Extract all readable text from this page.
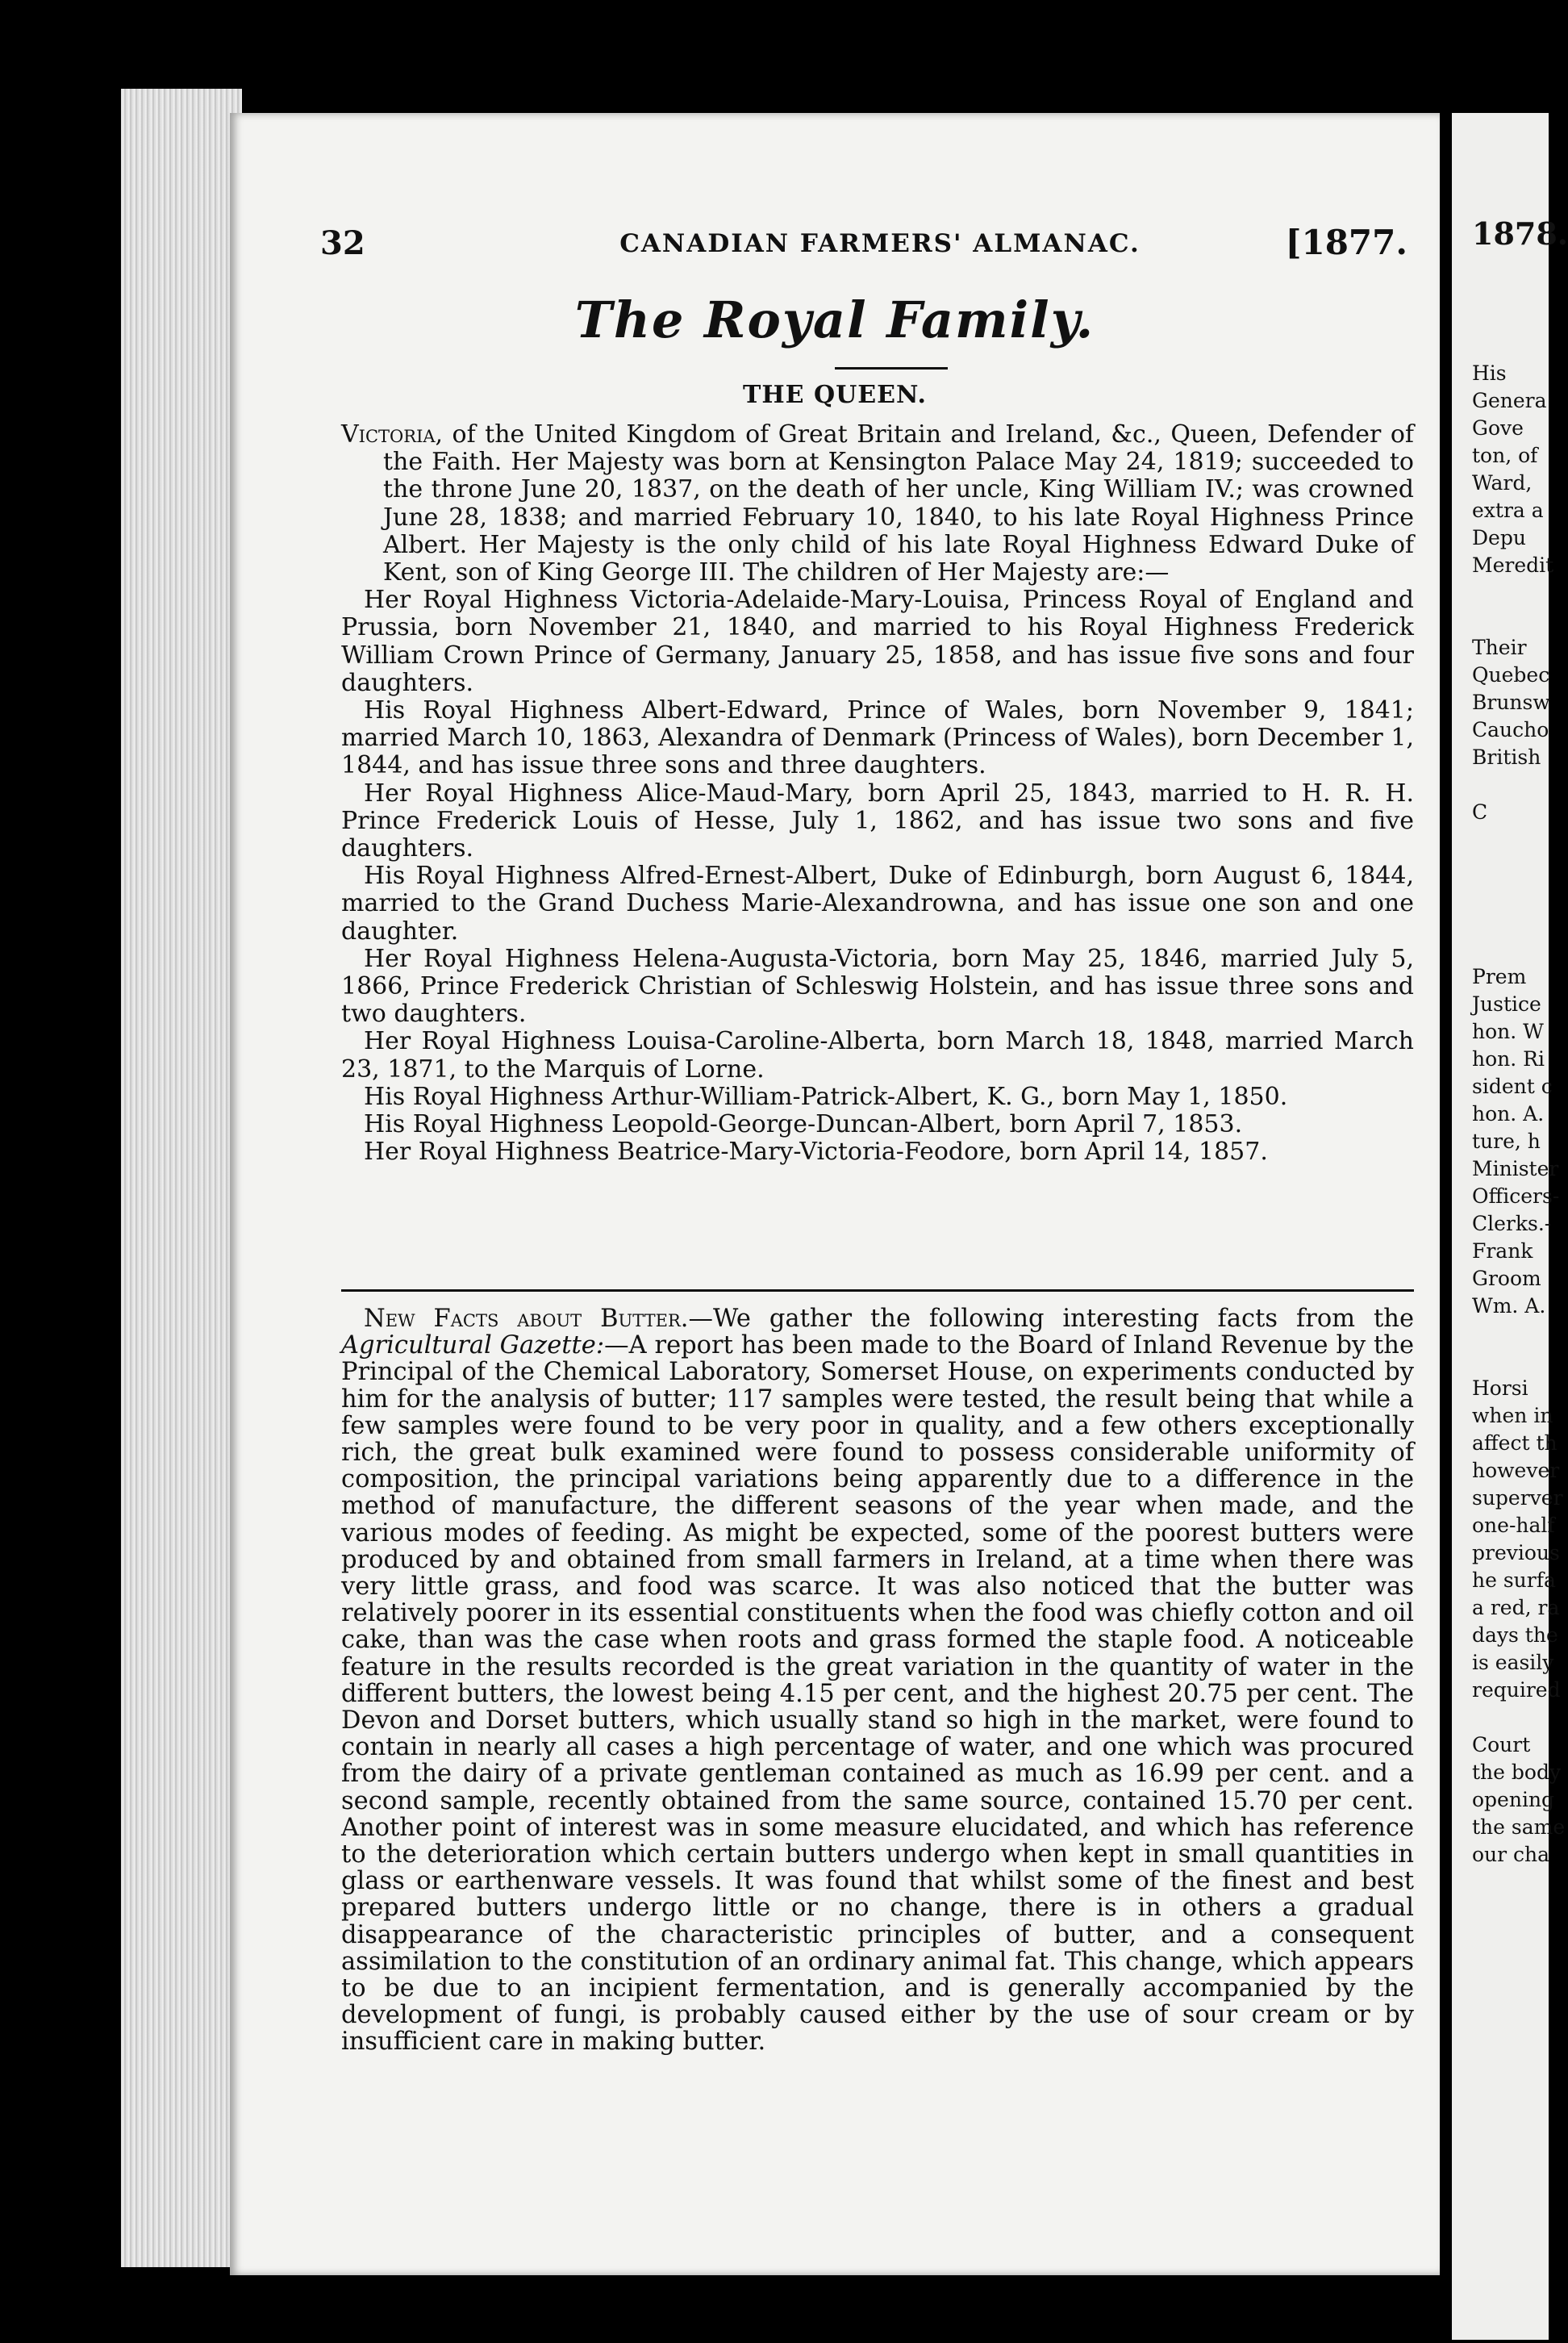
32	CANADIAN FARMERS' ALMANAC.	[1877.
The Royal Family.
THE QUEEN.

Victoria, of the United Kingdom of Great Britain and Ireland, &c., Queen, Defender of the Faith. Her Majesty was born at Kensington Palace May 24, 1819; succeeded to the throne June 20, 1837, on the death of her uncle, King William IV.; was crowned June 28, 1838; and married February 10, 1840, to his late Royal Highness Prince Albert. Her Majesty is the only child of his late Royal Highness Edward Duke of Kent, son of King George III. The children of Her Majesty are:—

Her Royal Highness Victoria-Adelaide-Mary-Louisa, Princess Royal of England and Prussia, born November 21, 1840, and married to his Royal Highness Frederick William Crown Prince of Germany, January 25, 1858, and has issue five sons and four daughters.

His Royal Highness Albert-Edward, Prince of Wales, born November 9, 1841; married March 10, 1863, Alexandra of Denmark (Princess of Wales), born December 1, 1844, and has issue three sons and three daughters.

Her Royal Highness Alice-Maud-Mary, born April 25, 1843, married to H. R. H. Prince Frederick Louis of Hesse, July 1, 1862, and has issue two sons and five daughters.

His Royal Highness Alfred-Ernest-Albert, Duke of Edinburgh, born August 6, 1844, married to the Grand Duchess Marie-Alexandrowna, and has issue one son and one daughter.

Her Royal Highness Helena-Augusta-Victoria, born May 25, 1846, married July 5, 1866, Prince Frederick Christian of Schleswig Holstein, and has issue three sons and two daughters.

Her Royal Highness Louisa-Caroline-Alberta, born March 18, 1848, married March 23, 1871, to the Marquis of Lorne.

His Royal Highness Arthur-William-Patrick-Albert, K. G., born May 1, 1850.

His Royal Highness Leopold-George-Duncan-Albert, born April 7, 1853.

Her Royal Highness Beatrice-Mary-Victoria-Feodore, born April 14, 1857.

New Facts about Butter.—We gather the following interesting facts from the Agricultural Gazette:—A report has been made to the Board of Inland Revenue by the Principal of the Chemical Laboratory, Somerset House, on experiments conducted by him for the analysis of butter; 117 samples were tested, the result being that while a few samples were found to be very poor in quality, and a few others exceptionally rich, the great bulk examined were found to possess considerable uniformity of composition, the principal variations being apparently due to a difference in the method of manufacture, the different seasons of the year when made, and the various modes of feeding. As might be expected, some of the poorest butters were produced by and obtained from small farmers in Ireland, at a time when there was very little grass, and food was scarce. It was also noticed that the butter was relatively poorer in its essential constituents when the food was chiefly cotton and oil cake, than was the case when roots and grass formed the staple food. A noticeable feature in the results recorded is the great variation in the quantity of water in the different butters, the lowest being 4.15 per cent, and the highest 20.75 per cent. The Devon and Dorset butters, which usually stand so high in the market, were found to contain in nearly all cases a high percentage of water, and one which was procured from the dairy of a private gentleman contained as much as 16.99 per cent. and a second sample, recently obtained from the same source, contained 15.70 per cent. Another point of interest was in some measure elucidated, and which has reference to the deterioration which certain butters undergo when kept in small quantities in glass or earthenware vessels. It was found that whilst some of the finest and best prepared butters undergo little or no change, there is in others a gradual disappearance of the characteristic principles of butter, and a consequent assimilation to the constitution of an ordinary animal fat. This change, which appears to be due to an incipient fermentation, and is generally accompanied by the development of fungi, is probably caused either by the use of sour cream or by insufficient care in making butter.

1878.

His
Genera
Gove
ton, of
Ward,
extra a
Depu
Meredit

Their
Quebec
Brunsw
Caucho
British

C

Prem
Justice
hon. W
hon. Ri
sident c
hon. A.
ture, h
Minister
Officers-
Clerks.-
Frank
Groom
Wm. A.

Horsi
when in
affect th
however
superver
one-half
previous
he surfa
a red, ra
days the
is easily
required

Court
the body
opening
the same
our cha
